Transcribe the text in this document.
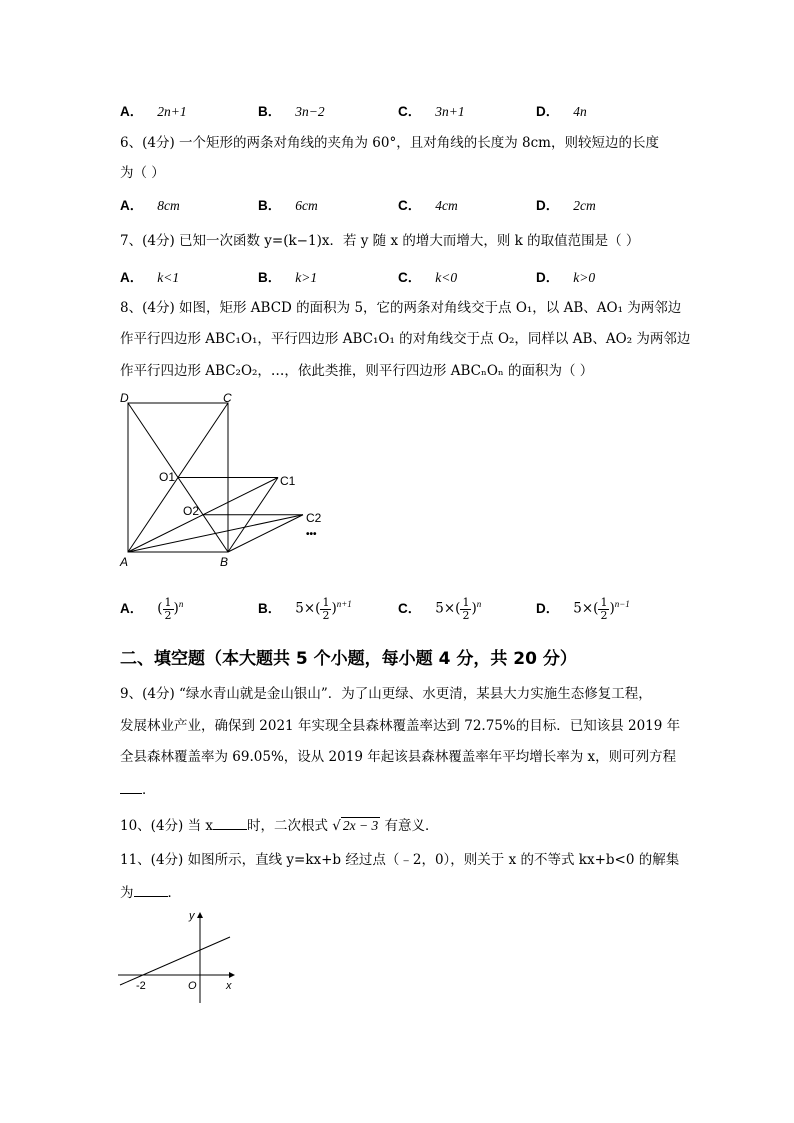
A． 2n+1	B． 3n−2	C． 3n+1	D． 4n
6、(4分) 一个矩形的两条对角线的夹角为 60°，且对角线的长度为 8cm，则较短边的长度
为（ ）
A． 8cm	B． 6cm	C． 4cm	D． 2cm
7、(4分) 已知一次函数 y=(k−1)x．若 y 随 x 的增大而增大，则 k 的取值范围是（ ）
A． k<1	B． k>1	C． k<0	D． k>0
8、(4分) 如图，矩形 ABCD 的面积为 5，它的两条对角线交于点 O₁，以 AB、AO₁ 为两邻边
作平行四边形 ABC₁O₁，平行四边形 ABC₁O₁ 的对角线交于点 O₂，同样以 AB、AO₂ 为两邻边
作平行四边形 ABC₂O₂，…，依此类推，则平行四边形 ABCₙOₙ 的面积为（ ）
D	C
O1	C1
O2	C2
•••
A	B
A． ( $\frac{1}{2} )^n$	B． $5\times( \frac{1}{2} )^{n+1}$	C． $5\times( \frac{1}{2} )^n$	D． $5\times( \frac{1}{2} )^{n-1}$
二、填空题（本大题共 5 个小题，每小题 4 分，共 20 分）
9、(4分) “绿水青山就是金山银山”．为了山更绿、水更清，某县大力实施生态修复工程，
发展林业产业，确保到 2021 年实现全县森林覆盖率达到 72.75%的目标．已知该县 2019 年
全县森林覆盖率为 69.05%，设从 2019 年起该县森林覆盖率年平均增长率为 x，则可列方程
．
10、(4分) 当 x	时，二次根式 √ 2x − 3 有意义．
11、(4分) 如图所示，直线 y=kx+b 经过点（﹣2，0），则关于 x 的不等式 kx+b<0 的解集
为	．
y
x
O
-2
